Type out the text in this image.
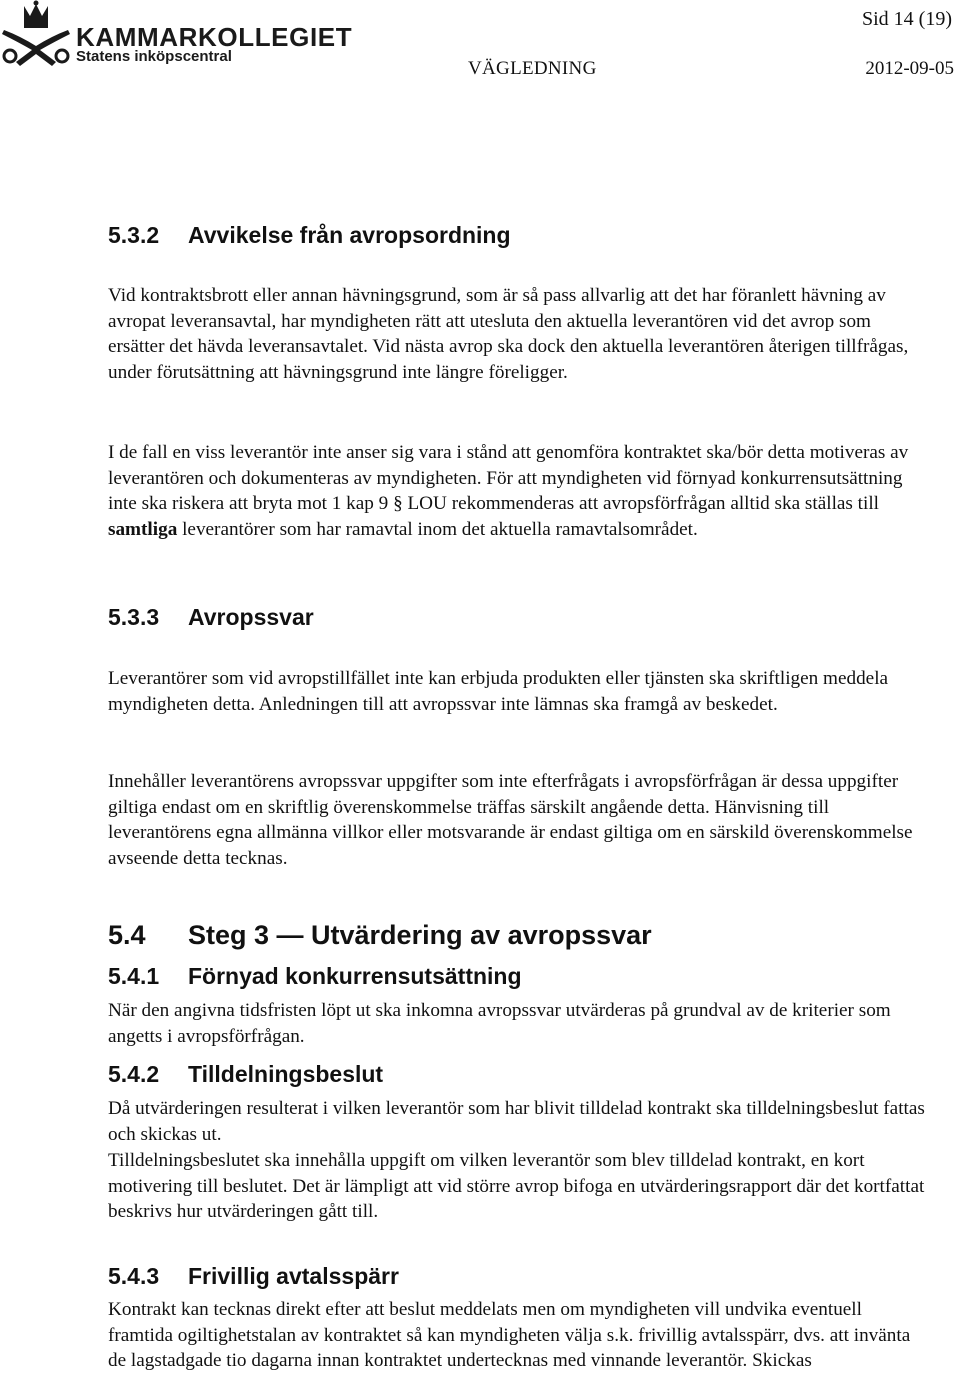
KAMMARKOLLEGIET
Statens inköpscentral
Sid 14 (19)
VÄGLEDNING	2012-09-05
5.3.2 Avvikelse från avropsordning

Vid kontraktsbrott eller annan hävningsgrund, som är så pass allvarlig att det har föranlett hävning av avropat leveransavtal, har myndigheten rätt att utesluta den aktuella leverantören vid det avrop som ersätter det hävda leveransavtalet. Vid nästa avrop ska dock den aktuella leverantören återigen tillfrågas, under förutsättning att hävningsgrund inte längre föreligger.

I de fall en viss leverantör inte anser sig vara i stånd att genomföra kontraktet ska/bör detta motiveras av leverantören och dokumenteras av myndigheten. För att myndigheten vid förnyad konkurrensutsättning inte ska riskera att bryta mot 1 kap 9 § LOU rekommenderas att avropsförfrågan alltid ska ställas till samtliga leverantörer som har ramavtal inom det aktuella ramavtalsområdet.

5.3.3 Avropssvar

Leverantörer som vid avropstillfället inte kan erbjuda produkten eller tjänsten ska skriftligen meddela myndigheten detta. Anledningen till att avropssvar inte lämnas ska framgå av beskedet.

Innehåller leverantörens avropssvar uppgifter som inte efterfrågats i avropsförfrågan är dessa uppgifter giltiga endast om en skriftlig överenskommelse träffas särskilt angående detta. Hänvisning till leverantörens egna allmänna villkor eller motsvarande är endast giltiga om en särskild överenskommelse avseende detta tecknas.

5.4 Steg 3 — Utvärdering av avropssvar
5.4.1 Förnyad konkurrensutsättning

När den angivna tidsfristen löpt ut ska inkomna avropssvar utvärderas på grundval av de kriterier som angetts i avropsförfrågan.

5.4.2 Tilldelningsbeslut

Då utvärderingen resulterat i vilken leverantör som har blivit tilldelad kontrakt ska tilldelningsbeslut fattas och skickas ut.

Tilldelningsbeslutet ska innehålla uppgift om vilken leverantör som blev tilldelad kontrakt, en kort motivering till beslutet. Det är lämpligt att vid större avrop bifoga en utvärderingsrapport där det kortfattat beskrivs hur utvärderingen gått till.

5.4.3 Frivillig avtalsspärr

Kontrakt kan tecknas direkt efter att beslut meddelats men om myndigheten vill undvika eventuell framtida ogiltighetstalan av kontraktet så kan myndigheten välja s.k. frivillig avtalsspärr, dvs. att invänta de lagstadgade tio dagarna innan kontraktet undertecknas med vinnande leverantör. Skickas
